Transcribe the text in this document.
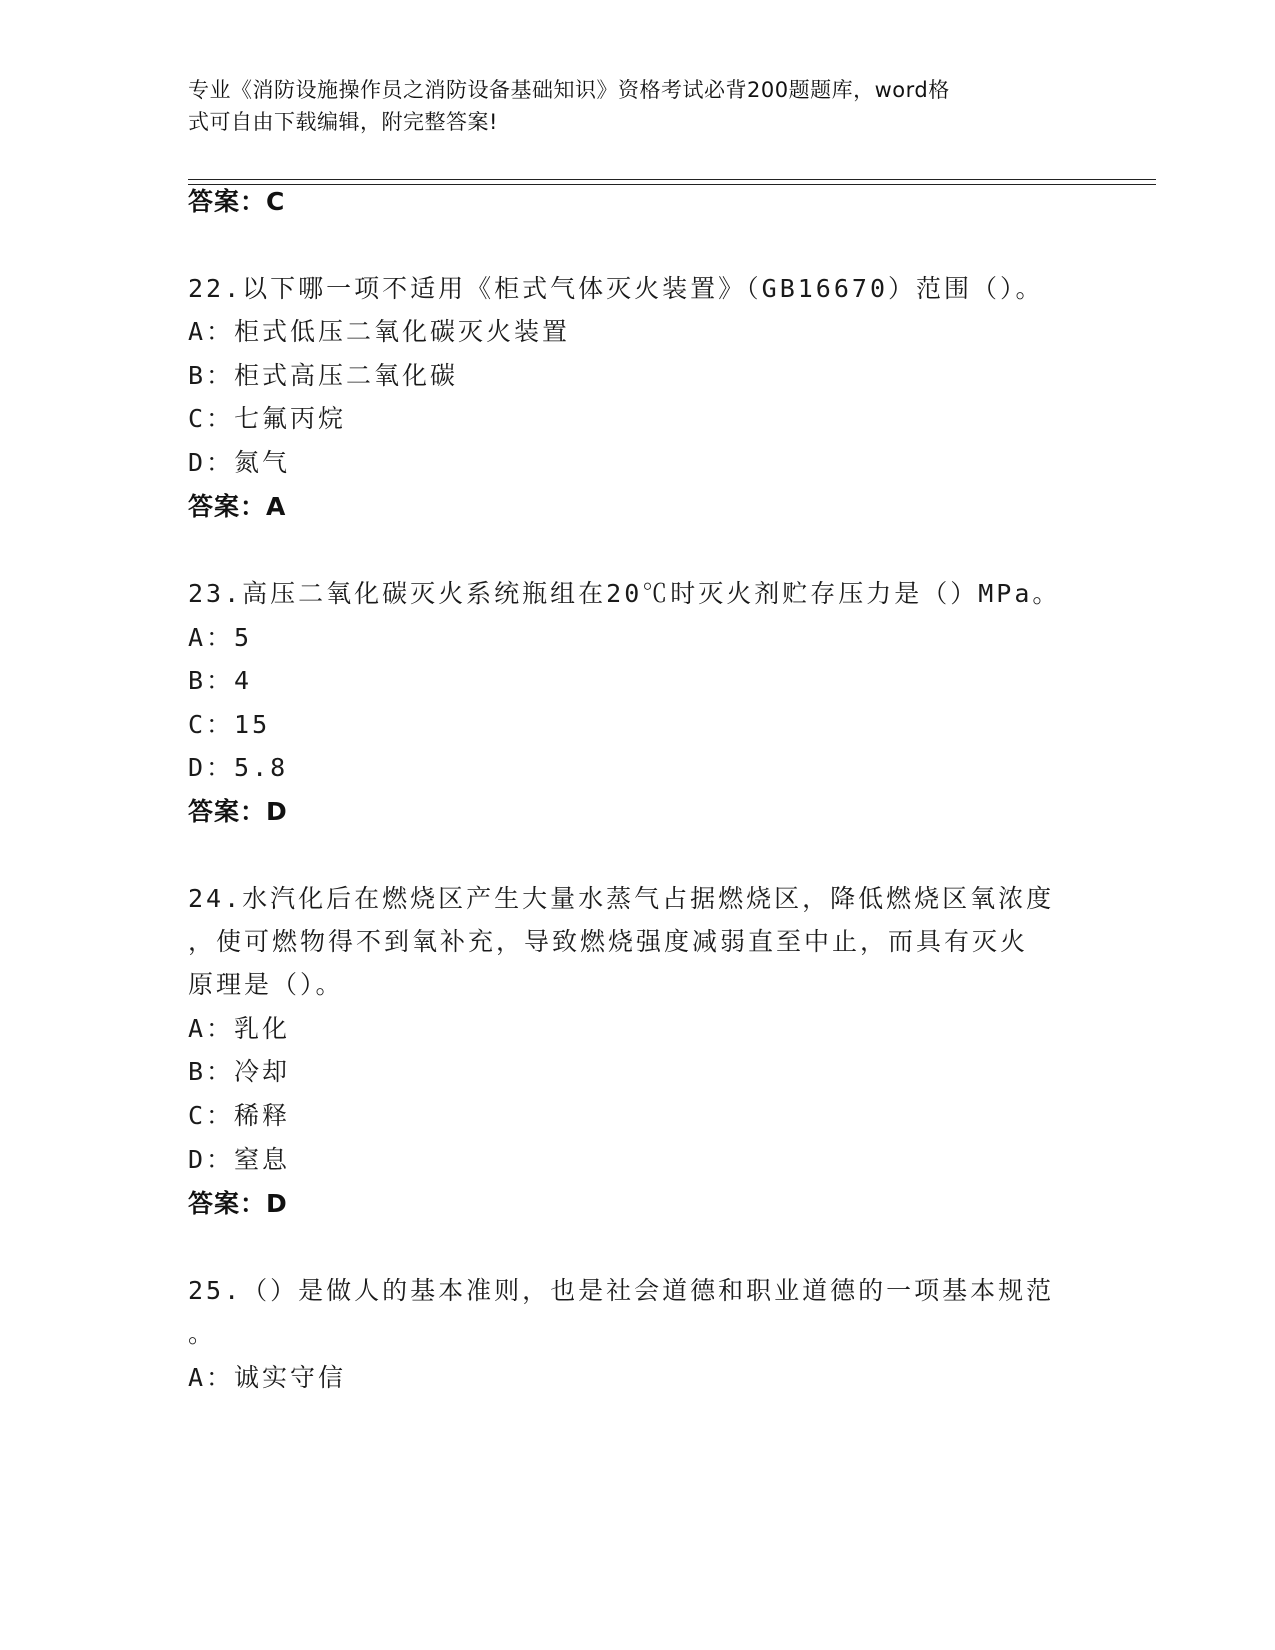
专业《消防设施操作员之消防设备基础知识》资格考试必背200题题库，word格
式可自由下载编辑，附完整答案!
答案：C
22.以下哪一项不适用《柜式气体灭火装置》（GB16670）范围（）。
A：柜式低压二氧化碳灭火装置
B：柜式高压二氧化碳
C：七氟丙烷
D：氮气
答案：A
23.高压二氧化碳灭火系统瓶组在20℃时灭火剂贮存压力是（）MPa。
A：5
B：4
C：15
D：5.8
答案：D
24.水汽化后在燃烧区产生大量水蒸气占据燃烧区，降低燃烧区氧浓度
，使可燃物得不到氧补充，导致燃烧强度减弱直至中止，而具有灭火
原理是（）。
A：乳化
B：冷却
C：稀释
D：窒息
答案：D
25.（）是做人的基本准则，也是社会道德和职业道德的一项基本规范
。
A：诚实守信
